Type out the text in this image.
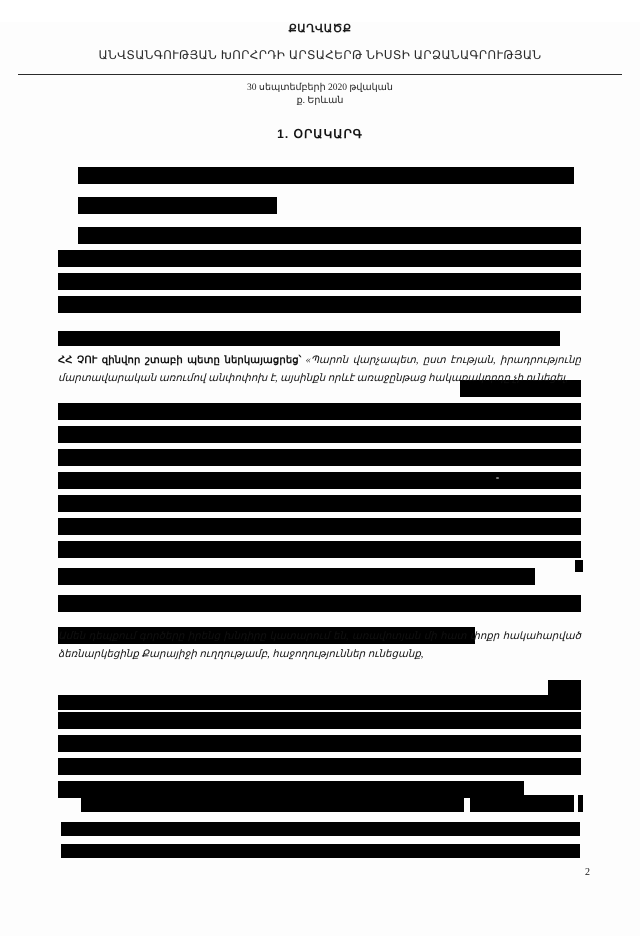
ՔԱՂՎԱԾՔ
ԱՆՎՏԱՆԳՈՒԹՅԱՆ ԽՈՐՀՐԴԻ ԱՐՏԱՀԵՐԹ ՆԻՍՏԻ ԱՐՁԱՆԱԳՐՈՒԹՅԱՆ
30 սեպտեմբերի 2020 թվական
ք. Երևան
1. ՕՐԱԿԱՐԳ
ՀՀ ՉՈՒ զինվոր շտաբի պետը ներկայացրեց՝ «Պարոն վարչապետ, ըստ էության, իրադրությունը մարտավարական առումով անփոփոխ է, այսինքն որևէ առաջընթաց հակառակորդը չի ունեցել,
Ամեն դեպքում գործերը իրենց խնդիրը կատարում են, առավոտյան մի հատ փոքր հակահարված ձեռնարկեցինք Քարայիջի ուղղությամբ, հաջողություններ ունեցանք,
2
